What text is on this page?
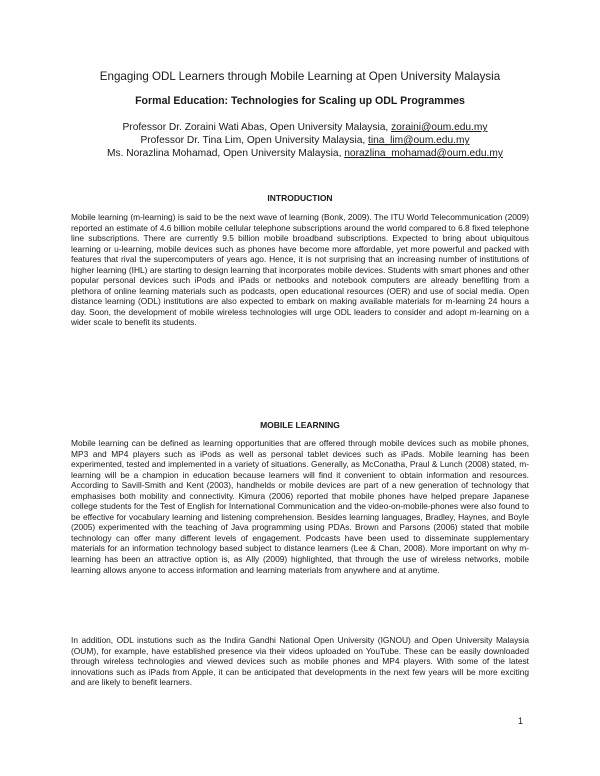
Engaging ODL Learners through Mobile Learning at Open University Malaysia
Formal Education: Technologies for Scaling up ODL Programmes
Professor Dr. Zoraini Wati Abas, Open University Malaysia, zoraini@oum.edu.my
Professor Dr. Tina Lim, Open University Malaysia, tina_lim@oum.edu.my
Ms. Norazlina Mohamad, Open University Malaysia, norazlina_mohamad@oum.edu.my
INTRODUCTION

Mobile learning (m-learning) is said to be the next wave of learning (Bonk, 2009). The ITU World Telecommunication (2009) reported an estimate of 4.6 billion mobile cellular telephone subscriptions around the world compared to 6.8 fixed telephone line subscriptions. There are currently 9.5 billion mobile broadband subscriptions. Expected to bring about ubiquitous learning or u-learning, mobile devices such as phones have become more affordable, yet more powerful and packed with features that rival the supercomputers of years ago. Hence, it is not surprising that an increasing number of institutions of higher learning (IHL) are starting to design learning that incorporates mobile devices. Students with smart phones and other popular personal devices such iPods and iPads or netbooks and notebook computers are already benefiting from a plethora of online learning materials such as podcasts, open educational resources (OER) and use of social media. Open distance learning (ODL) institutions are also expected to embark on making available materials for m-learning 24 hours a day. Soon, the development of mobile wireless technologies will urge ODL leaders to consider and adopt m-learning on a wider scale to benefit its students.

MOBILE LEARNING

Mobile learning can be defined as learning opportunities that are offered through mobile devices such as mobile phones, MP3 and MP4 players such as iPods as well as personal tablet devices such as iPads. Mobile learning has been experimented, tested and implemented in a variety of situations. Generally, as McConatha, Praul & Lunch (2008) stated, m-learning will be a champion in education because learners will find it convenient to obtain information and resources. According to Savill-Smith and Kent (2003), handhelds or mobile devices are part of a new generation of technology that emphasises both mobility and connectivity. Kimura (2006) reported that mobile phones have helped prepare Japanese college students for the Test of English for International Communication and the video-on-mobile-phones were also found to be effective for vocabulary learning and listening comprehension. Besides learning languages, Bradley, Haynes, and Boyle (2005) experimented with the teaching of Java programming using PDAs. Brown and Parsons (2006) stated that mobile technology can offer many different levels of engagement. Podcasts have been used to disseminate supplementary materials for an information technology based subject to distance learners (Lee & Chan, 2008). More important on why m-learning has been an attractive option is, as Ally (2009) highlighted, that through the use of wireless networks, mobile learning allows anyone to access information and learning materials from anywhere and at anytime.

In addition, ODL instutions such as the Indira Gandhi National Open University (IGNOU) and Open University Malaysia (OUM), for example, have established presence via their videos uploaded on YouTube. These can be easily downloaded through wireless technologies and viewed devices such as mobile phones and MP4 players. With some of the latest innovations such as iPads from Apple, it can be anticipated that developments in the next few years will be more exciting and are likely to benefit learners.

1
